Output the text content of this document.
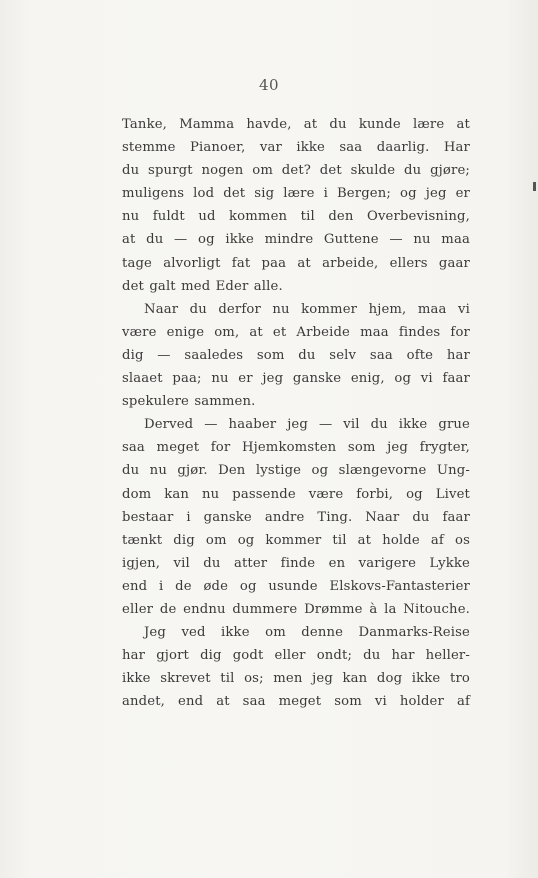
40
Tanke, Mamma havde, at du kunde lære at
stemme Pianoer, var ikke saa daarlig. Har
du spurgt nogen om det? det skulde du gjøre;
muligens lod det sig lære i Bergen; og jeg er
nu fuldt ud kommen til den Overbevisning,
at du — og ikke mindre Guttene — nu maa
tage alvorligt fat paa at arbeide, ellers gaar
det galt med Eder alle.
Naar du derfor nu kommer hjem, maa vi
være enige om, at et Arbeide maa findes for
dig — saaledes som du selv saa ofte har
slaaet paa; nu er jeg ganske enig, og vi faar
spekulere sammen.
Derved — haaber jeg — vil du ikke grue
saa meget for Hjemkomsten som jeg frygter,
du nu gjør. Den lystige og slængevorne Ung-
dom kan nu passende være forbi, og Livet
bestaar i ganske andre Ting. Naar du faar
tænkt dig om og kommer til at holde af os
igjen, vil du atter finde en varigere Lykke
end i de øde og usunde Elskovs-Fantasterier
eller de endnu dummere Drømme à la Nitouche.
Jeg ved ikke om denne Danmarks-Reise
har gjort dig godt eller ondt; du har heller-
ikke skrevet til os; men jeg kan dog ikke tro
andet, end at saa meget som vi holder af
